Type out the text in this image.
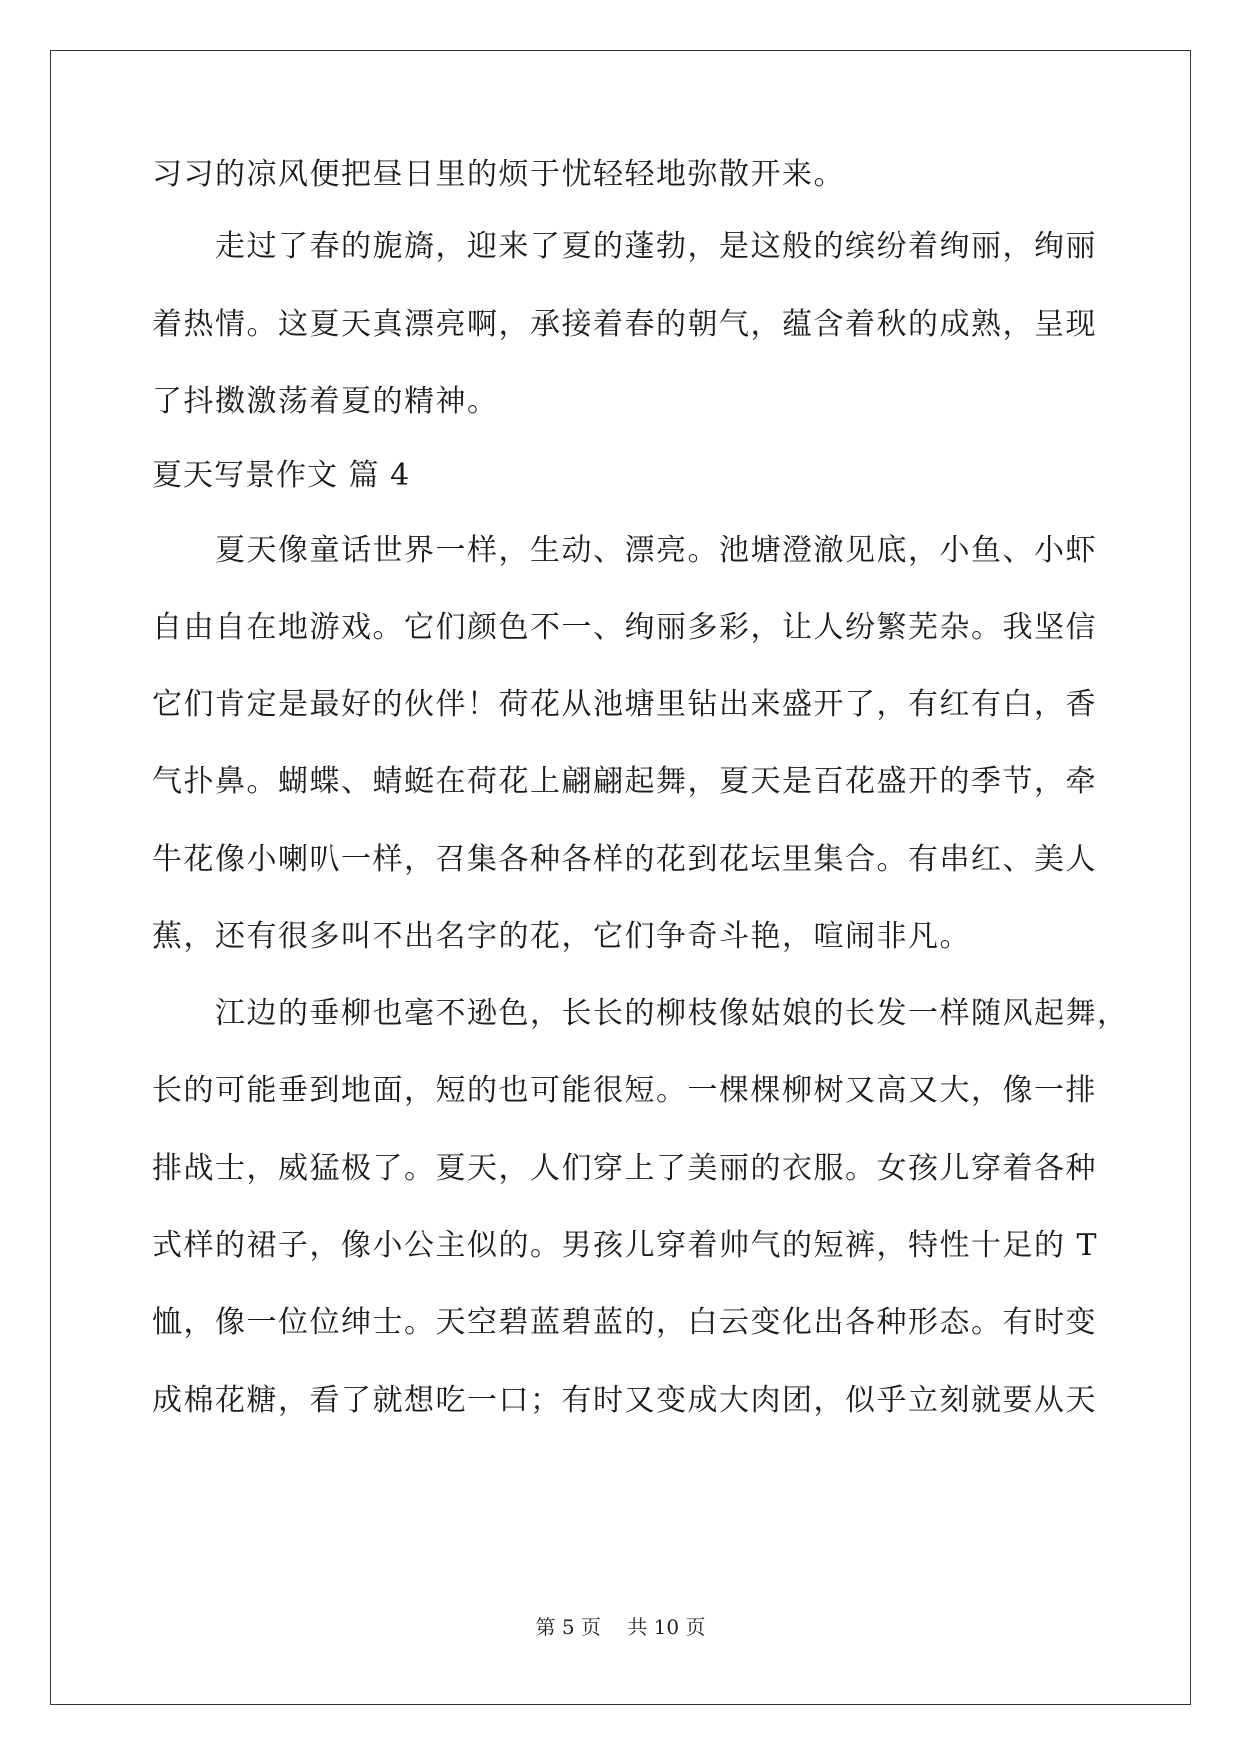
习习的凉风便把昼日里的烦于忧轻轻地弥散开来。
　　走过了春的旎旖，迎来了夏的蓬勃，是这般的缤纷着绚丽，绚丽
着热情。这夏天真漂亮啊，承接着春的朝气，蕴含着秋的成熟，呈现
了抖擞激荡着夏的精神。
夏天写景作文 篇 4
　　夏天像童话世界一样，生动、漂亮。池塘澄澈见底，小鱼、小虾
自由自在地游戏。它们颜色不一、绚丽多彩，让人纷繁芜杂。我坚信
它们肯定是最好的伙伴！荷花从池塘里钻出来盛开了，有红有白，香
气扑鼻。蝴蝶、蜻蜓在荷花上翩翩起舞，夏天是百花盛开的季节，牵
牛花像小喇叭一样，召集各种各样的花到花坛里集合。有串红、美人
蕉，还有很多叫不出名字的花，它们争奇斗艳，喧闹非凡。
　　江边的垂柳也毫不逊色，长长的柳枝像姑娘的长发一样随风起舞，
长的可能垂到地面，短的也可能很短。一棵棵柳树又高又大，像一排
排战士，威猛极了。夏天，人们穿上了美丽的衣服。女孩儿穿着各种
式样的裙子，像小公主似的。男孩儿穿着帅气的短裤，特性十足的 T
恤，像一位位绅士。天空碧蓝碧蓝的，白云变化出各种形态。有时变
成棉花糖，看了就想吃一口；有时又变成大肉团，似乎立刻就要从天
第 5 页 共 10 页
